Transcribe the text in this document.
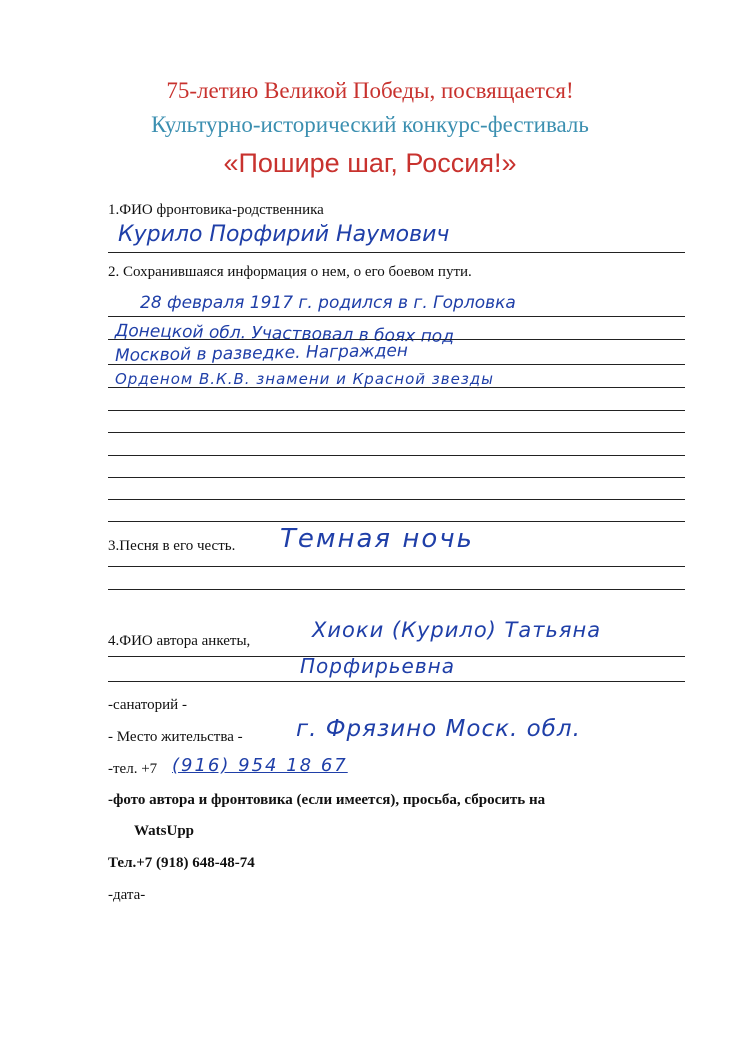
75-летию Великой Победы, посвящается!
Культурно-исторический конкурс-фестиваль
«Пошире шаг, Россия!»
1.ФИО фронтовика-родственника
Курило Порфирий Наумович
2. Сохранившаяся информация о нем, о его боевом пути.
28 февраля 1917 г. родился в г. Горловка
Донецкой обл. Участвовал в боях под
Москвой в разведке. Награжден
Орденом В.К.В. знамени и Красной звезды
3.Песня в его честь. Темная ночь
4.ФИО автора анкеты,	Хиоки (Курило) Татьяна
Порфирьевна
-санаторий -
- Место жительства - г. Фрязино Моск. обл.
-тел. +7 (916) 954 18 67
-фото автора и фронтовика (если имеется), просьба, сбросить на
WatsUpp
Тел.+7 (918) 648-48-74
-дата-
